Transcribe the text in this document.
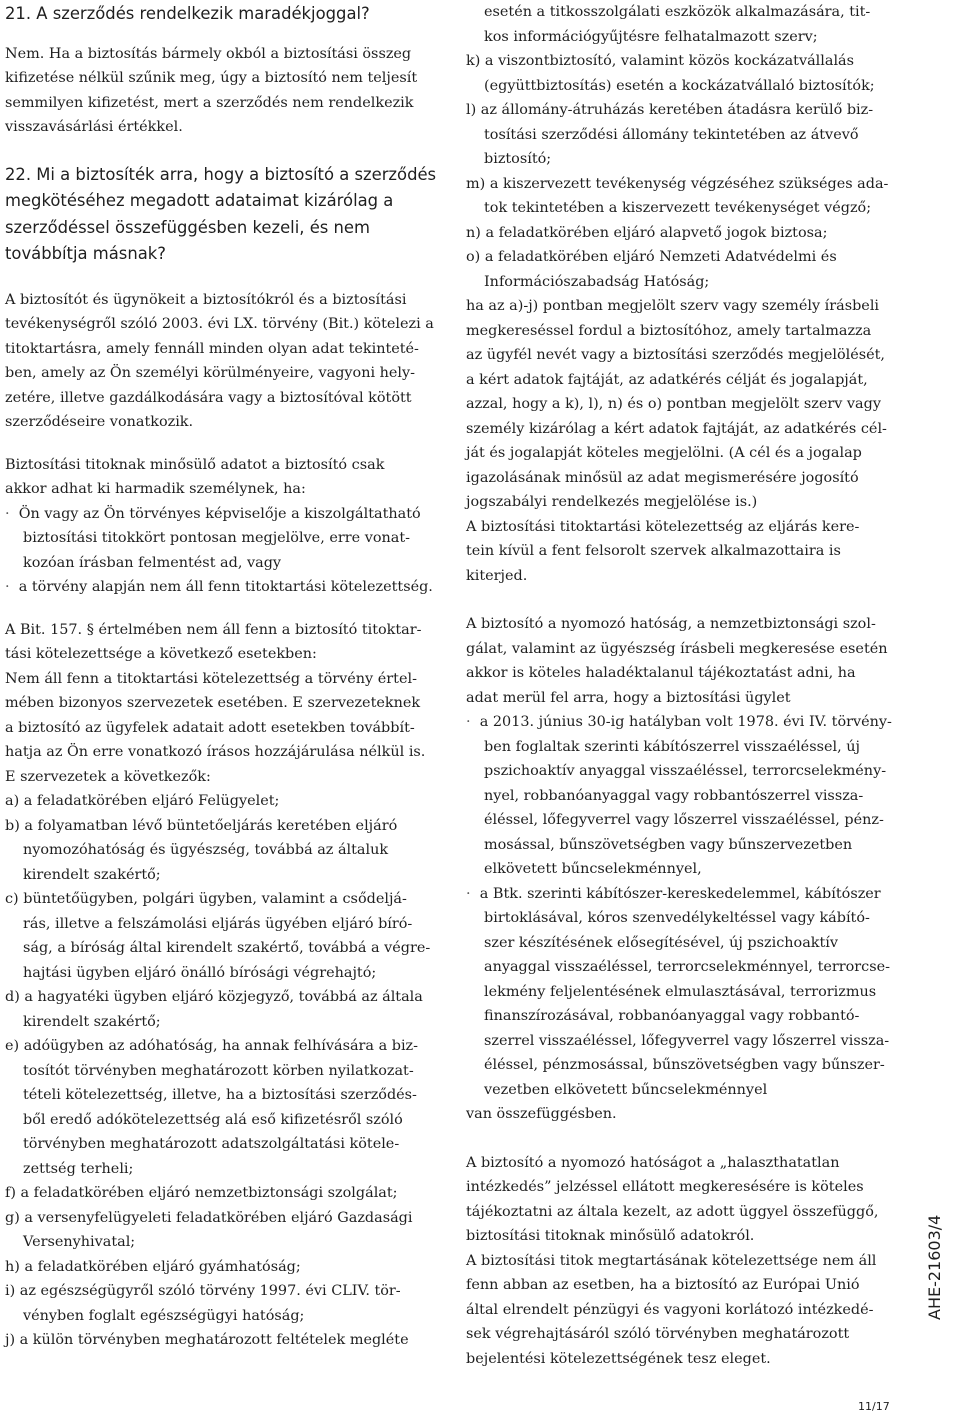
21. A szerződés rendelkezik maradékjoggal?

Nem. Ha a biztosítás bármely okból a biztosítási összeg
kifizetése nélkül szűnik meg, úgy a biztosító nem teljesít
semmilyen kifizetést, mert a szerződés nem rendelkezik
visszavásárlási értékkel.

22. Mi a biztosíték arra, hogy a biztosító a szerződés
megkötéséhez megadott adataimat kizárólag a
szerződéssel összefüggésben kezeli, és nem
továbbítja másnak?

A biztosítót és ügynökeit a biztosítókról és a biztosítási
tevékenységről szóló 2003. évi LX. törvény (Bit.) kötelezi a
titoktartásra, amely fennáll minden olyan adat tekinteté-
ben, amely az Ön személyi körülményeire, vagyoni hely-
zetére, illetve gazdálkodására vagy a biztosítóval kötött
szerződéseire vonatkozik.

Biztosítási titoknak minősülő adatot a biztosító csak
akkor adhat ki harmadik személynek, ha:

· Ön vagy az Ön törvényes képviselője a kiszolgáltatható
biztosítási titokkört pontosan megjelölve, erre vonat-
kozóan írásban felmentést ad, vagy
· a törvény alapján nem áll fenn titoktartási kötelezettség.

A Bit. 157. § értelmében nem áll fenn a biztosító titoktar-
tási kötelezettsége a következő esetekben:
Nem áll fenn a titoktartási kötelezettség a törvény értel-
mében bizonyos szervezetek esetében. E szervezeteknek
a biztosító az ügyfelek adatait adott esetekben továbbít-
hatja az Ön erre vonatkozó írásos hozzájárulása nélkül is.
E szervezetek a következők:

a) a feladatkörében eljáró Felügyelet;
b) a folyamatban lévő büntetőeljárás keretében eljáró
nyomozóhatóság és ügyészség, továbbá az általuk
kirendelt szakértő;
c) büntetőügyben, polgári ügyben, valamint a csődeljá-
rás, illetve a felszámolási eljárás ügyében eljáró bíró-
ság, a bíróság által kirendelt szakértő, továbbá a végre-
hajtási ügyben eljáró önálló bírósági végrehajtó;
d) a hagyatéki ügyben eljáró közjegyző, továbbá az általa
kirendelt szakértő;
e) adóügyben az adóhatóság, ha annak felhívására a biz-
tosítót törvényben meghatározott körben nyilatkozat-
tételi kötelezettség, illetve, ha a biztosítási szerződés-
ből eredő adókötelezettség alá eső kifizetésről szóló
törvényben meghatározott adatszolgáltatási kötele-
zettség terheli;
f) a feladatkörében eljáró nemzetbiztonsági szolgálat;
g) a versenyfelügyeleti feladatkörében eljáró Gazdasági
Versenyhivatal;
h) a feladatkörében eljáró gyámhatóság;
i) az egészségügyről szóló törvény 1997. évi CLIV. tör-
vényben foglalt egészségügyi hatóság;
j) a külön törvényben meghatározott feltételek megléte
esetén a titkosszolgálati eszközök alkalmazására, tit-
kos információgyűjtésre felhatalmazott szerv;
k) a viszontbiztosító, valamint közös kockázatvállalás
(együttbiztosítás) esetén a kockázatvállaló biztosítók;
l) az állomány-átruházás keretében átadásra kerülő biz-
tosítási szerződési állomány tekintetében az átvevő
biztosító;
m) a kiszervezett tevékenység végzéséhez szükséges ada-
tok tekintetében a kiszervezett tevékenységet végző;
n) a feladatkörében eljáró alapvető jogok biztosa;
o) a feladatkörében eljáró Nemzeti Adatvédelmi és
Információszabadság Hatóság;

ha az a)-j) pontban megjelölt szerv vagy személy írásbeli
megkereséssel fordul a biztosítóhoz, amely tartalmazza
az ügyfél nevét vagy a biztosítási szerződés megjelölését,
a kért adatok fajtáját, az adatkérés célját és jogalapját,
azzal, hogy a k), l), n) és o) pontban megjelölt szerv vagy
személy kizárólag a kért adatok fajtáját, az adatkérés cél-
ját és jogalapját köteles megjelölni. (A cél és a jogalap
igazolásának minősül az adat megismerésére jogosító
jogszabályi rendelkezés megjelölése is.)
A biztosítási titoktartási kötelezettség az eljárás kere-
tein kívül a fent felsorolt szervek alkalmazottaira is
kiterjed.

A biztosító a nyomozó hatóság, a nemzetbiztonsági szol-
gálat, valamint az ügyészség írásbeli megkeresése esetén
akkor is köteles haladéktalanul tájékoztatást adni, ha
adat merül fel arra, hogy a biztosítási ügylet

· a 2013. június 30-ig hatályban volt 1978. évi IV. törvény-
ben foglaltak szerinti kábítószerrel visszaéléssel, új
pszichoaktív anyaggal visszaéléssel, terrorcselekmény-
nyel, robbanóanyaggal vagy robbantószerrel vissza-
éléssel, lőfegyverrel vagy lőszerrel visszaéléssel, pénz-
mosással, bűnszövetségben vagy bűnszervezetben
elkövetett bűncselekménnyel,
· a Btk. szerinti kábítószer-kereskedelemmel, kábítószer
birtoklásával, kóros szenvedélykeltéssel vagy kábító-
szer készítésének elősegítésével, új pszichoaktív
anyaggal visszaéléssel, terrorcselekménnyel, terrorcse-
lekmény feljelentésének elmulasztásával, terrorizmus
finanszírozásával, robbanóanyaggal vagy robbantó-
szerrel visszaéléssel, lőfegyverrel vagy lőszerrel vissza-
éléssel, pénzmosással, bűnszövetségben vagy bűnszer-
vezetben elkövetett bűncselekménnyel

van összefüggésben.

A biztosító a nyomozó hatóságot a „halaszthatatlan
intézkedés” jelzéssel ellátott megkeresésére is köteles
tájékoztatni az általa kezelt, az adott üggyel összefüggő,
biztosítási titoknak minősülő adatokról.
A biztosítási titok megtartásának kötelezettsége nem áll
fenn abban az esetben, ha a biztosító az Európai Unió
által elrendelt pénzügyi és vagyoni korlátozó intézkedé-
sek végrehajtásáról szóló törvényben meghatározott
bejelentési kötelezettségének tesz eleget.

AHE-21603/4
11/17
